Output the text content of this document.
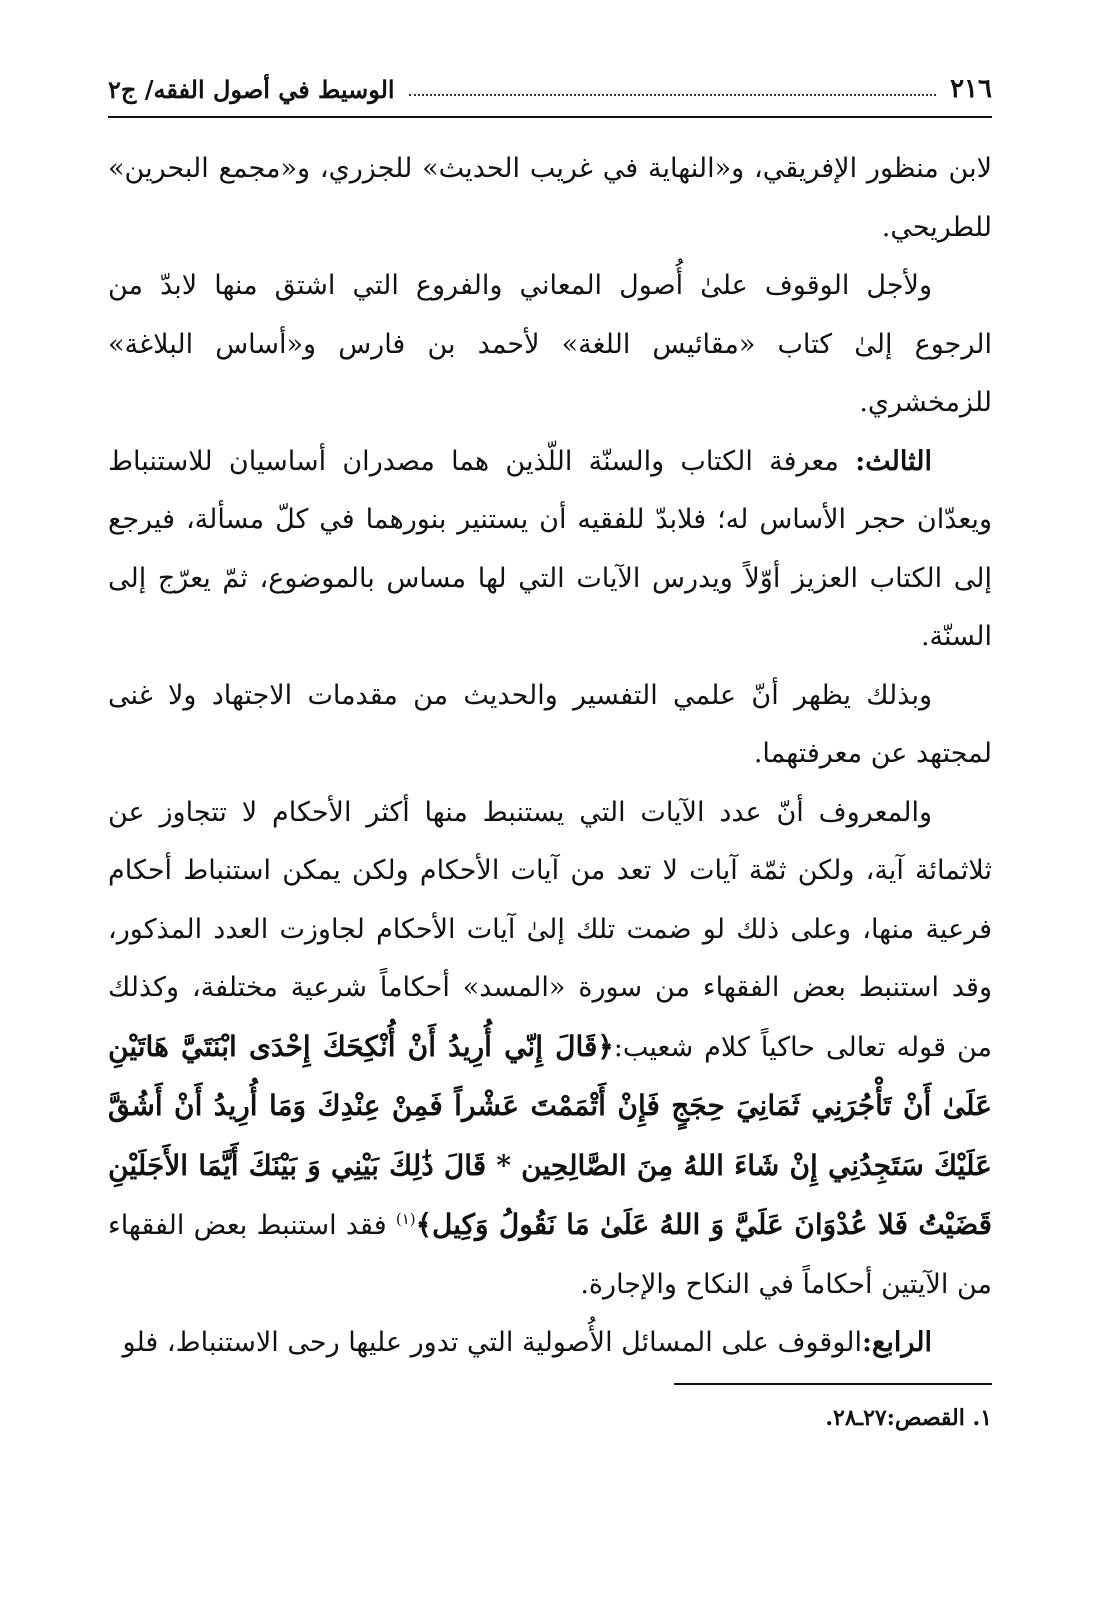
٢١٦
الوسيط في أصول الفقه/ ج٢

لابن منظور الإفريقي، و«النهاية في غريب الحديث» للجزري، و«مجمع البحرين» للطريحي.

ولأجل الوقوف علىٰ أُصول المعاني والفروع التي اشتق منها لابدّ من الرجوع إلىٰ كتاب «مقائيس اللغة» لأحمد بن فارس و«أساس البلاغة» للزمخشري.

الثالث: معرفة الكتاب والسنّة اللّذين هما مصدران أساسيان للاستنباط ويعدّان حجر الأساس له؛ فلابدّ للفقيه أن يستنير بنورهما في كلّ مسألة، فيرجع إلى الكتاب العزيز أوّلاً ويدرس الآيات التي لها مساس بالموضوع، ثمّ يعرّج إلى السنّة.

وبذلك يظهر أنّ علمي التفسير والحديث من مقدمات الاجتهاد ولا غنى لمجتهد عن معرفتهما.

والمعروف أنّ عدد الآيات التي يستنبط منها أكثر الأحكام لا تتجاوز عن ثلاثمائة آية، ولكن ثمّة آيات لا تعد من آيات الأحكام ولكن يمكن استنباط أحكام فرعية منها، وعلى ذلك لو ضمت تلك إلىٰ آيات الأحكام لجاوزت العدد المذكور، وقد استنبط بعض الفقهاء من سورة «المسد» أحكاماً شرعية مختلفة، وكذلك من قوله تعالى حاكياً كلام شعيب:﴿قَالَ إِنّي أُرِيدُ أَنْ أُنْكِحَكَ إِحْدَى ابْنَتَيَّ هَاتَيْنِ عَلَىٰ أَنْ تَأْجُرَنِي ثَمَانِيَ حِجَجٍ فَإِنْ أَتْمَمْتَ عَشْراً فَمِنْ عِنْدِكَ وَمَا أُرِيدُ أَنْ أَشُقَّ عَلَيْكَ سَتَجِدُنِي إِنْ شَاءَ اللهُ مِنَ الصَّالِحِين * قَالَ ذَٰلِكَ بَيْنِي وَ بَيْنَكَ أَيَّمَا الأَجَلَيْنِ قَضَيْتُ فَلا عُدْوَانَ عَلَيَّ وَ اللهُ عَلَىٰ مَا نَقُولُ وَكِيل﴾$^{(١)}$ فقد استنبط بعض الفقهاء من الآيتين أحكاماً في النكاح والإجارة.

الرابع:الوقوف على المسائل الأُصولية التي تدور عليها رحى الاستنباط، فلو

١. القصص:٢٧ـ٢٨.
